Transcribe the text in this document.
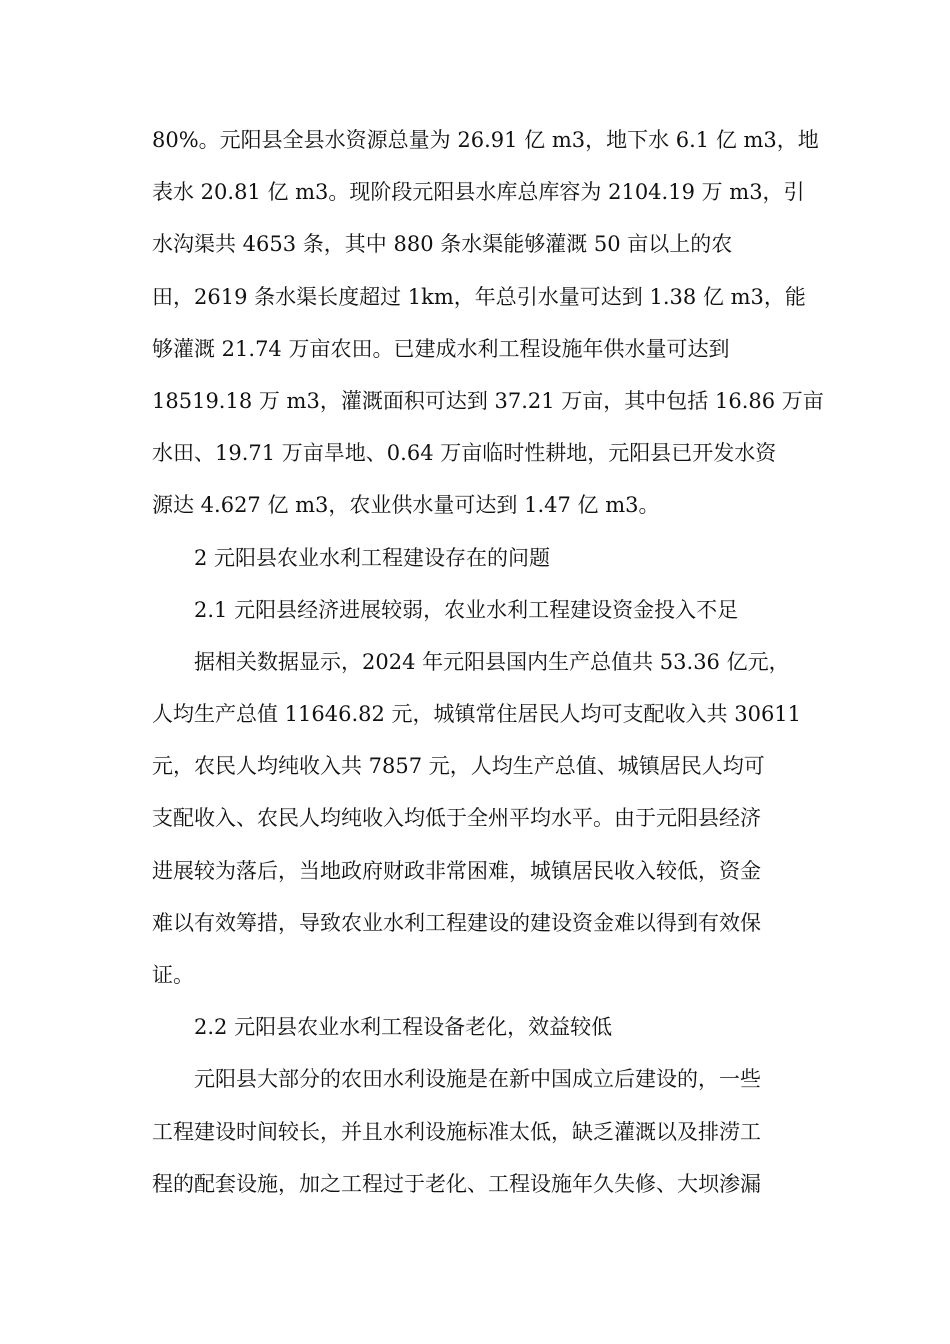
80%。元阳县全县水资源总量为 26.91 亿 m3，地下水 6.1 亿 m3，地
表水 20.81 亿 m3。现阶段元阳县水库总库容为 2104.19 万 m3，引
水沟渠共 4653 条，其中 880 条水渠能够灌溉 50 亩以上的农
田，2619 条水渠长度超过 1km，年总引水量可达到 1.38 亿 m3，能
够灌溉 21.74 万亩农田。已建成水利工程设施年供水量可达到
18519.18 万 m3，灌溉面积可达到 37.21 万亩，其中包括 16.86 万亩
水田、19.71 万亩旱地、0.64 万亩临时性耕地，元阳县已开发水资
源达 4.627 亿 m3，农业供水量可达到 1.47 亿 m3。
2 元阳县农业水利工程建设存在的问题
2.1 元阳县经济进展较弱，农业水利工程建设资金投入不足
据相关数据显示，2024 年元阳县国内生产总值共 53.36 亿元，
人均生产总值 11646.82 元，城镇常住居民人均可支配收入共 30611
元，农民人均纯收入共 7857 元，人均生产总值、城镇居民人均可
支配收入、农民人均纯收入均低于全州平均水平。由于元阳县经济
进展较为落后，当地政府财政非常困难，城镇居民收入较低，资金
难以有效筹措，导致农业水利工程建设的建设资金难以得到有效保
证。
2.2 元阳县农业水利工程设备老化，效益较低
元阳县大部分的农田水利设施是在新中国成立后建设的，一些
工程建设时间较长，并且水利设施标准太低，缺乏灌溉以及排涝工
程的配套设施，加之工程过于老化、工程设施年久失修、大坝渗漏
